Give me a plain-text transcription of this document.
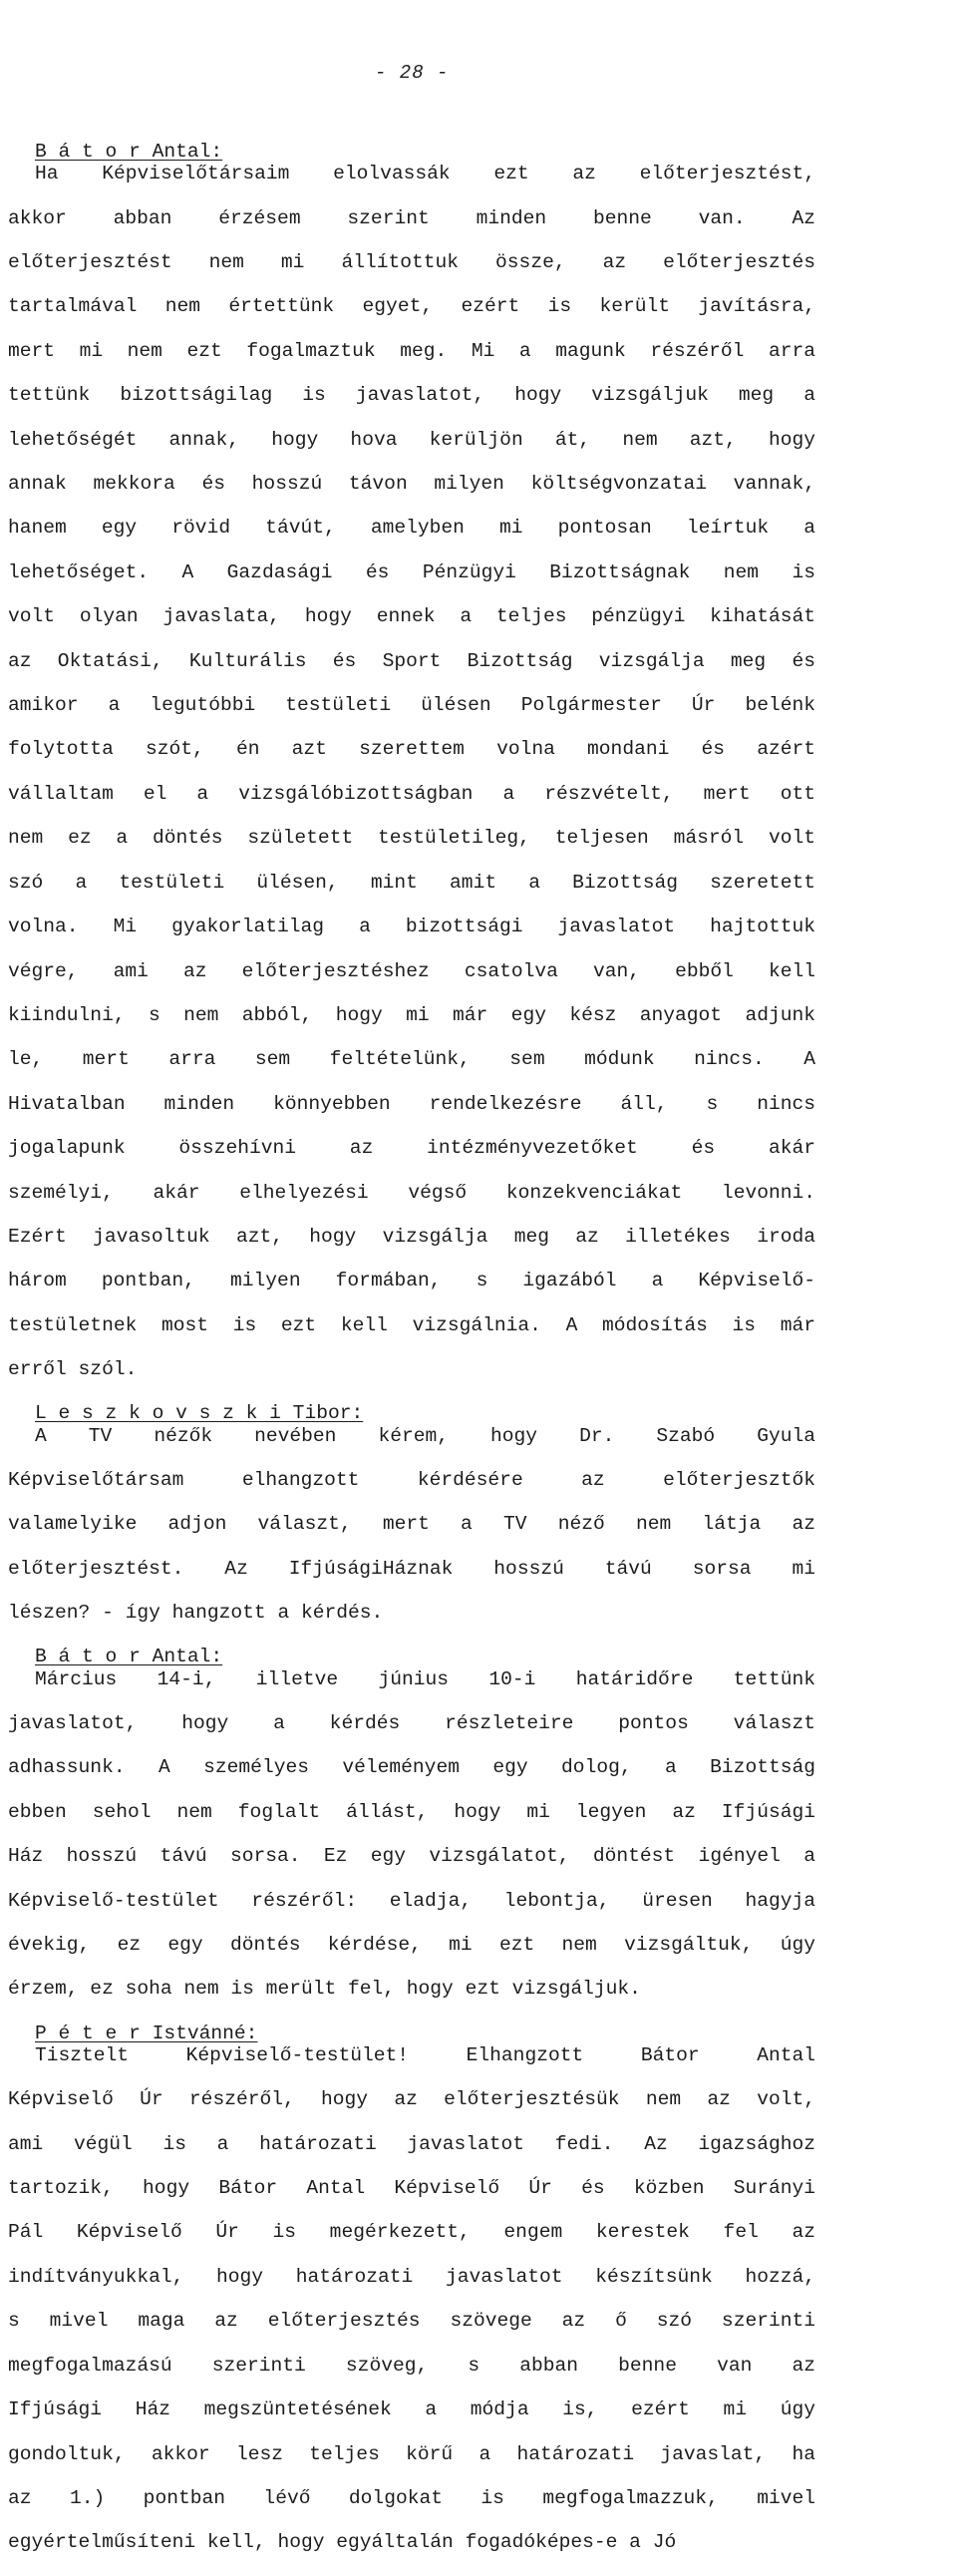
- 28 -
B á t o r Antal:

Ha Képviselőtársaim elolvassák ezt az előterjesztést,

akkor abban érzésem szerint minden benne van. Az

előterjesztést nem mi állítottuk össze, az előterjesztés

tartalmával nem értettünk egyet, ezért is került javításra,

mert mi nem ezt fogalmaztuk meg. Mi a magunk részéről arra

tettünk bizottságilag is javaslatot, hogy vizsgáljuk meg a

lehetőségét annak, hogy hova kerüljön át, nem azt, hogy

annak mekkora és hosszú távon milyen költségvonzatai vannak,

hanem egy rövid távút, amelyben mi pontosan leírtuk a

lehetőséget. A Gazdasági és Pénzügyi Bizottságnak nem is

volt olyan javaslata, hogy ennek a teljes pénzügyi kihatását

az Oktatási, Kulturális és Sport Bizottság vizsgálja meg és

amikor a legutóbbi testületi ülésen Polgármester Úr belénk

folytotta szót, én azt szerettem volna mondani és azért

vállaltam el a vizsgálóbizottságban a részvételt, mert ott

nem ez a döntés született testületileg, teljesen másról volt

szó a testületi ülésen, mint amit a Bizottság szeretett

volna. Mi gyakorlatilag a bizottsági javaslatot hajtottuk

végre, ami az előterjesztéshez csatolva van, ebből kell

kiindulni, s nem abból, hogy mi már egy kész anyagot adjunk

le, mert arra sem feltételünk, sem módunk nincs. A

Hivatalban minden könnyebben rendelkezésre áll, s nincs

jogalapunk összehívni az intézményvezetőket és akár

személyi, akár elhelyezési végső konzekvenciákat levonni.

Ezért javasoltuk azt, hogy vizsgálja meg az illetékes iroda

három pontban, milyen formában, s igazából a Képviselő-

testületnek most is ezt kell vizsgálnia. A módosítás is már

erről szól.

L e s z k o v s z k i Tibor:

A TV nézők nevében kérem, hogy Dr. Szabó Gyula

Képviselőtársam elhangzott kérdésére az előterjesztők

valamelyike adjon választ, mert a TV néző nem látja az

előterjesztést. Az IfjúságiHáznak hosszú távú sorsa mi

lészen? - így hangzott a kérdés.

B á t o r Antal:

Március 14-i, illetve június 10-i határidőre tettünk

javaslatot, hogy a kérdés részleteire pontos választ

adhassunk. A személyes véleményem egy dolog, a Bizottság

ebben sehol nem foglalt állást, hogy mi legyen az Ifjúsági

Ház hosszú távú sorsa. Ez egy vizsgálatot, döntést igényel a

Képviselő-testület részéről: eladja, lebontja, üresen hagyja

évekig, ez egy döntés kérdése, mi ezt nem vizsgáltuk, úgy

érzem, ez soha nem is merült fel, hogy ezt vizsgáljuk.

P é t e r Istvánné:

Tisztelt Képviselő-testület! Elhangzott Bátor Antal

Képviselő Úr részéről, hogy az előterjesztésük nem az volt,

ami végül is a határozati javaslatot fedi. Az igazsághoz

tartozik, hogy Bátor Antal Képviselő Úr és közben Surányi

Pál Képviselő Úr is megérkezett, engem kerestek fel az

indítványukkal, hogy határozati javaslatot készítsünk hozzá,

s mivel maga az előterjesztés szövege az ő szó szerinti

megfogalmazású szerinti szöveg, s abban benne van az

Ifjúsági Ház megszüntetésének a módja is, ezért mi úgy

gondoltuk, akkor lesz teljes körű a határozati javaslat, ha

az 1.) pontban lévő dolgokat is megfogalmazzuk, mivel

egyértelműsíteni kell, hogy egyáltalán fogadóképes-e a Jó
